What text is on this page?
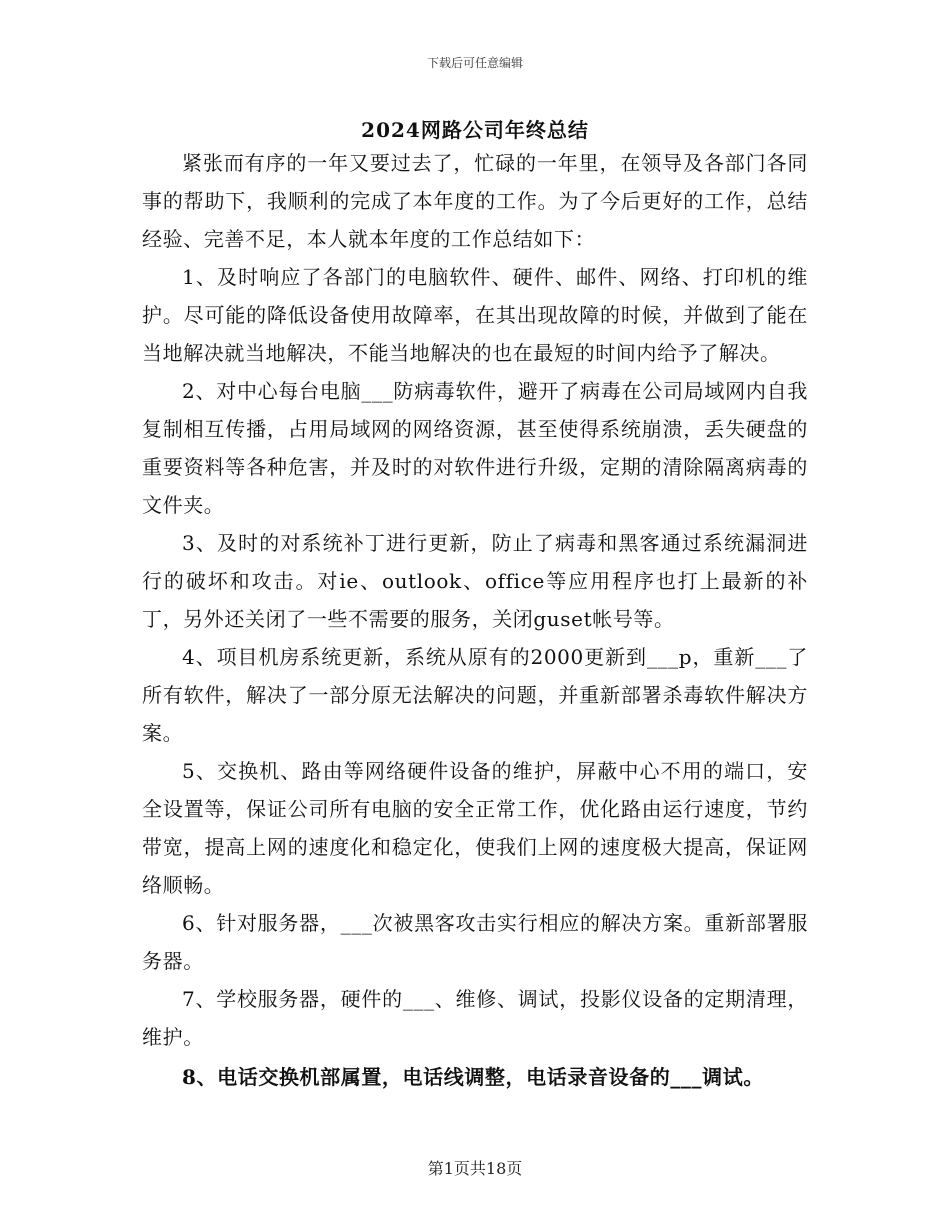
下载后可任意编辑
2024网路公司年终总结

紧张而有序的一年又要过去了，忙碌的一年里，在领导及各部门各同事的帮助下，我顺利的完成了本年度的工作。为了今后更好的工作，总结经验、完善不足，本人就本年度的工作总结如下：

1、及时响应了各部门的电脑软件、硬件、邮件、网络、打印机的维护。尽可能的降低设备使用故障率，在其出现故障的时候，并做到了能在当地解决就当地解决，不能当地解决的也在最短的时间内给予了解决。

2、对中心每台电脑___防病毒软件，避开了病毒在公司局域网内自我复制相互传播，占用局域网的网络资源，甚至使得系统崩溃，丢失硬盘的重要资料等各种危害，并及时的对软件进行升级，定期的清除隔离病毒的文件夹。

3、及时的对系统补丁进行更新，防止了病毒和黑客通过系统漏洞进行的破坏和攻击。对ie、outlook、office等应用程序也打上最新的补丁，另外还关闭了一些不需要的服务，关闭guset帐号等。

4、项目机房系统更新，系统从原有的2000更新到___p，重新___了所有软件，解决了一部分原无法解决的问题，并重新部署杀毒软件解决方案。

5、交换机、路由等网络硬件设备的维护，屏蔽中心不用的端口，安全设置等，保证公司所有电脑的安全正常工作，优化路由运行速度，节约带宽，提高上网的速度化和稳定化，使我们上网的速度极大提高，保证网络顺畅。

6、针对服务器，___次被黑客攻击实行相应的解决方案。重新部署服务器。

7、学校服务器，硬件的___、维修、调试，投影仪设备的定期清理，维护。

8、电话交换机部属置，电话线调整，电话录音设备的___调试。

第1页共18页
